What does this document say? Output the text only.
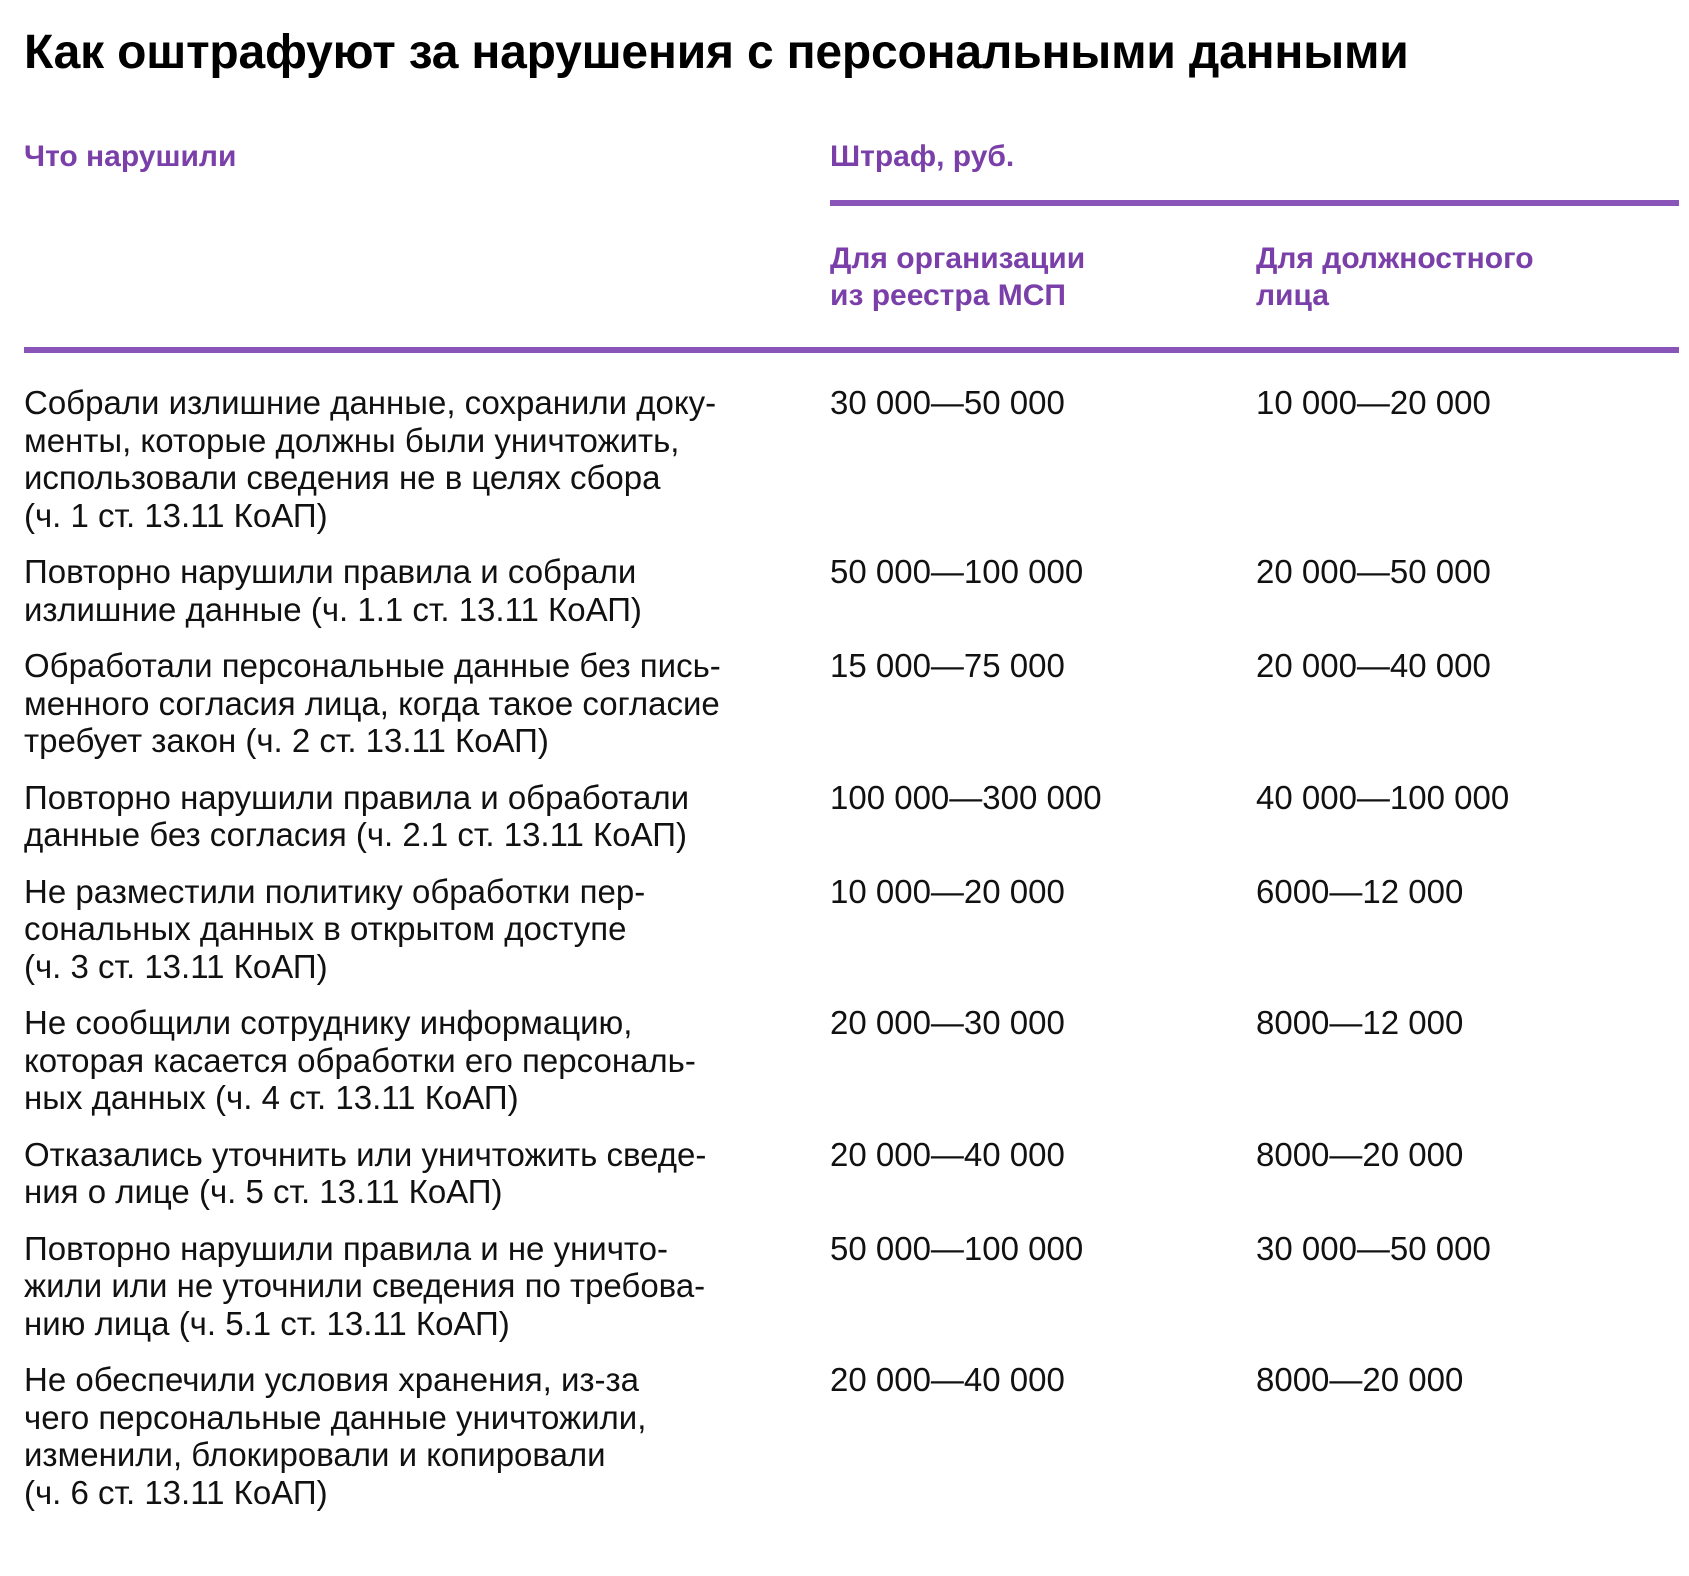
Как оштрафуют за нарушения с персональными данными
Что нарушили	Штраф, руб.
Для организации
из реестра МСП
Для должностного
лица
Собрали излишние данные, сохранили доку-
менты, которые должны были уничтожить,
использовали сведения не в целях сбора
(ч. 1 ст. 13.11 КоАП)
30 000—50 000	10 000—20 000
Повторно нарушили правила и собрали
излишние данные (ч. 1.1 ст. 13.11 КоАП)
50 000—100 000	20 000—50 000
Обработали персональные данные без пись-
менного согласия лица, когда такое согласие
требует закон (ч. 2 ст. 13.11 КоАП)
15 000—75 000	20 000—40 000
Повторно нарушили правила и обработали
данные без согласия (ч. 2.1 ст. 13.11 КоАП)
100 000—300 000	40 000—100 000
Не разместили политику обработки пер-
сональных данных в открытом доступе
(ч. 3 ст. 13.11 КоАП)
10 000—20 000	6000—12 000
Не сообщили сотруднику информацию,
которая касается обработки его персональ-
ных данных (ч. 4 ст. 13.11 КоАП)
20 000—30 000	8000—12 000
Отказались уточнить или уничтожить сведе-
ния о лице (ч. 5 ст. 13.11 КоАП)
20 000—40 000	8000—20 000
Повторно нарушили правила и не уничто-
жили или не уточнили сведения по требова-
нию лица (ч. 5.1 ст. 13.11 КоАП)
50 000—100 000	30 000—50 000
Не обеспечили условия хранения, из-за
чего персональные данные уничтожили,
изменили, блокировали и копировали
(ч. 6 ст. 13.11 КоАП)
20 000—40 000	8000—20 000
